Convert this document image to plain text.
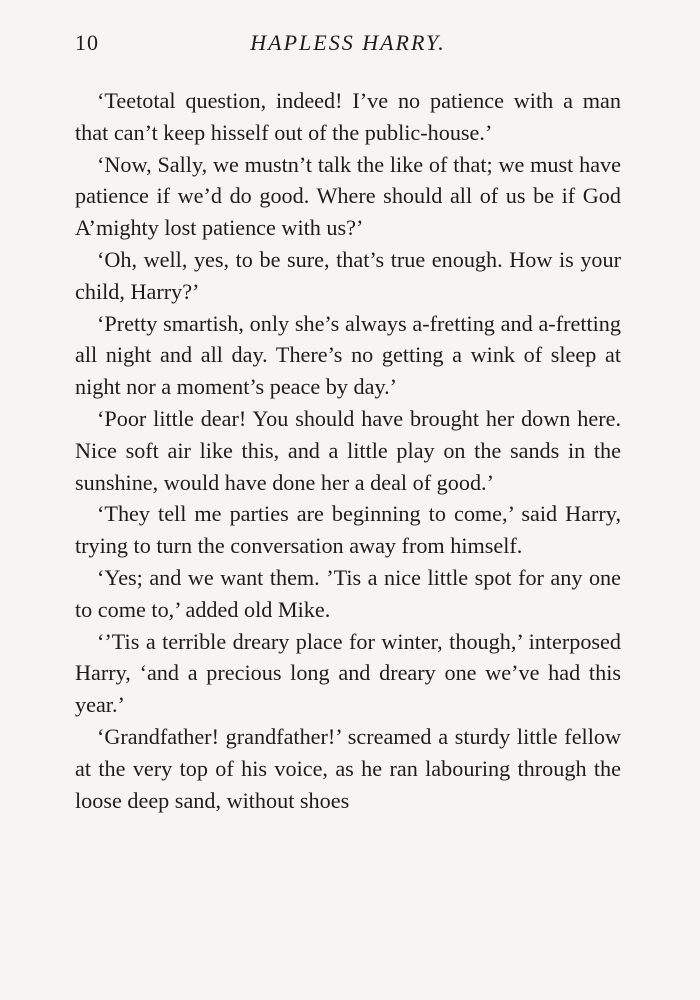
10	HAPLESS HARRY.

‘Teetotal question, indeed! I’ve no patience with a man that can’t keep hisself out of the public-house.’

‘Now, Sally, we mustn’t talk the like of that; we must have patience if we’d do good. Where should all of us be if God A’mighty lost patience with us?’

‘Oh, well, yes, to be sure, that’s true enough. How is your child, Harry?’

‘Pretty smartish, only she’s always a-fretting and a-fretting all night and all day. There’s no getting a wink of sleep at night nor a moment’s peace by day.’

‘Poor little dear! You should have brought her down here. Nice soft air like this, and a little play on the sands in the sunshine, would have done her a deal of good.’

‘They tell me parties are beginning to come,’ said Harry, trying to turn the conversation away from himself.

‘Yes; and we want them. ’Tis a nice little spot for any one to come to,’ added old Mike.

‘’Tis a terrible dreary place for winter, though,’ interposed Harry, ‘and a precious long and dreary one we’ve had this year.’

‘Grandfather! grandfather!’ screamed a sturdy little fellow at the very top of his voice, as he ran labouring through the loose deep sand, without shoes
